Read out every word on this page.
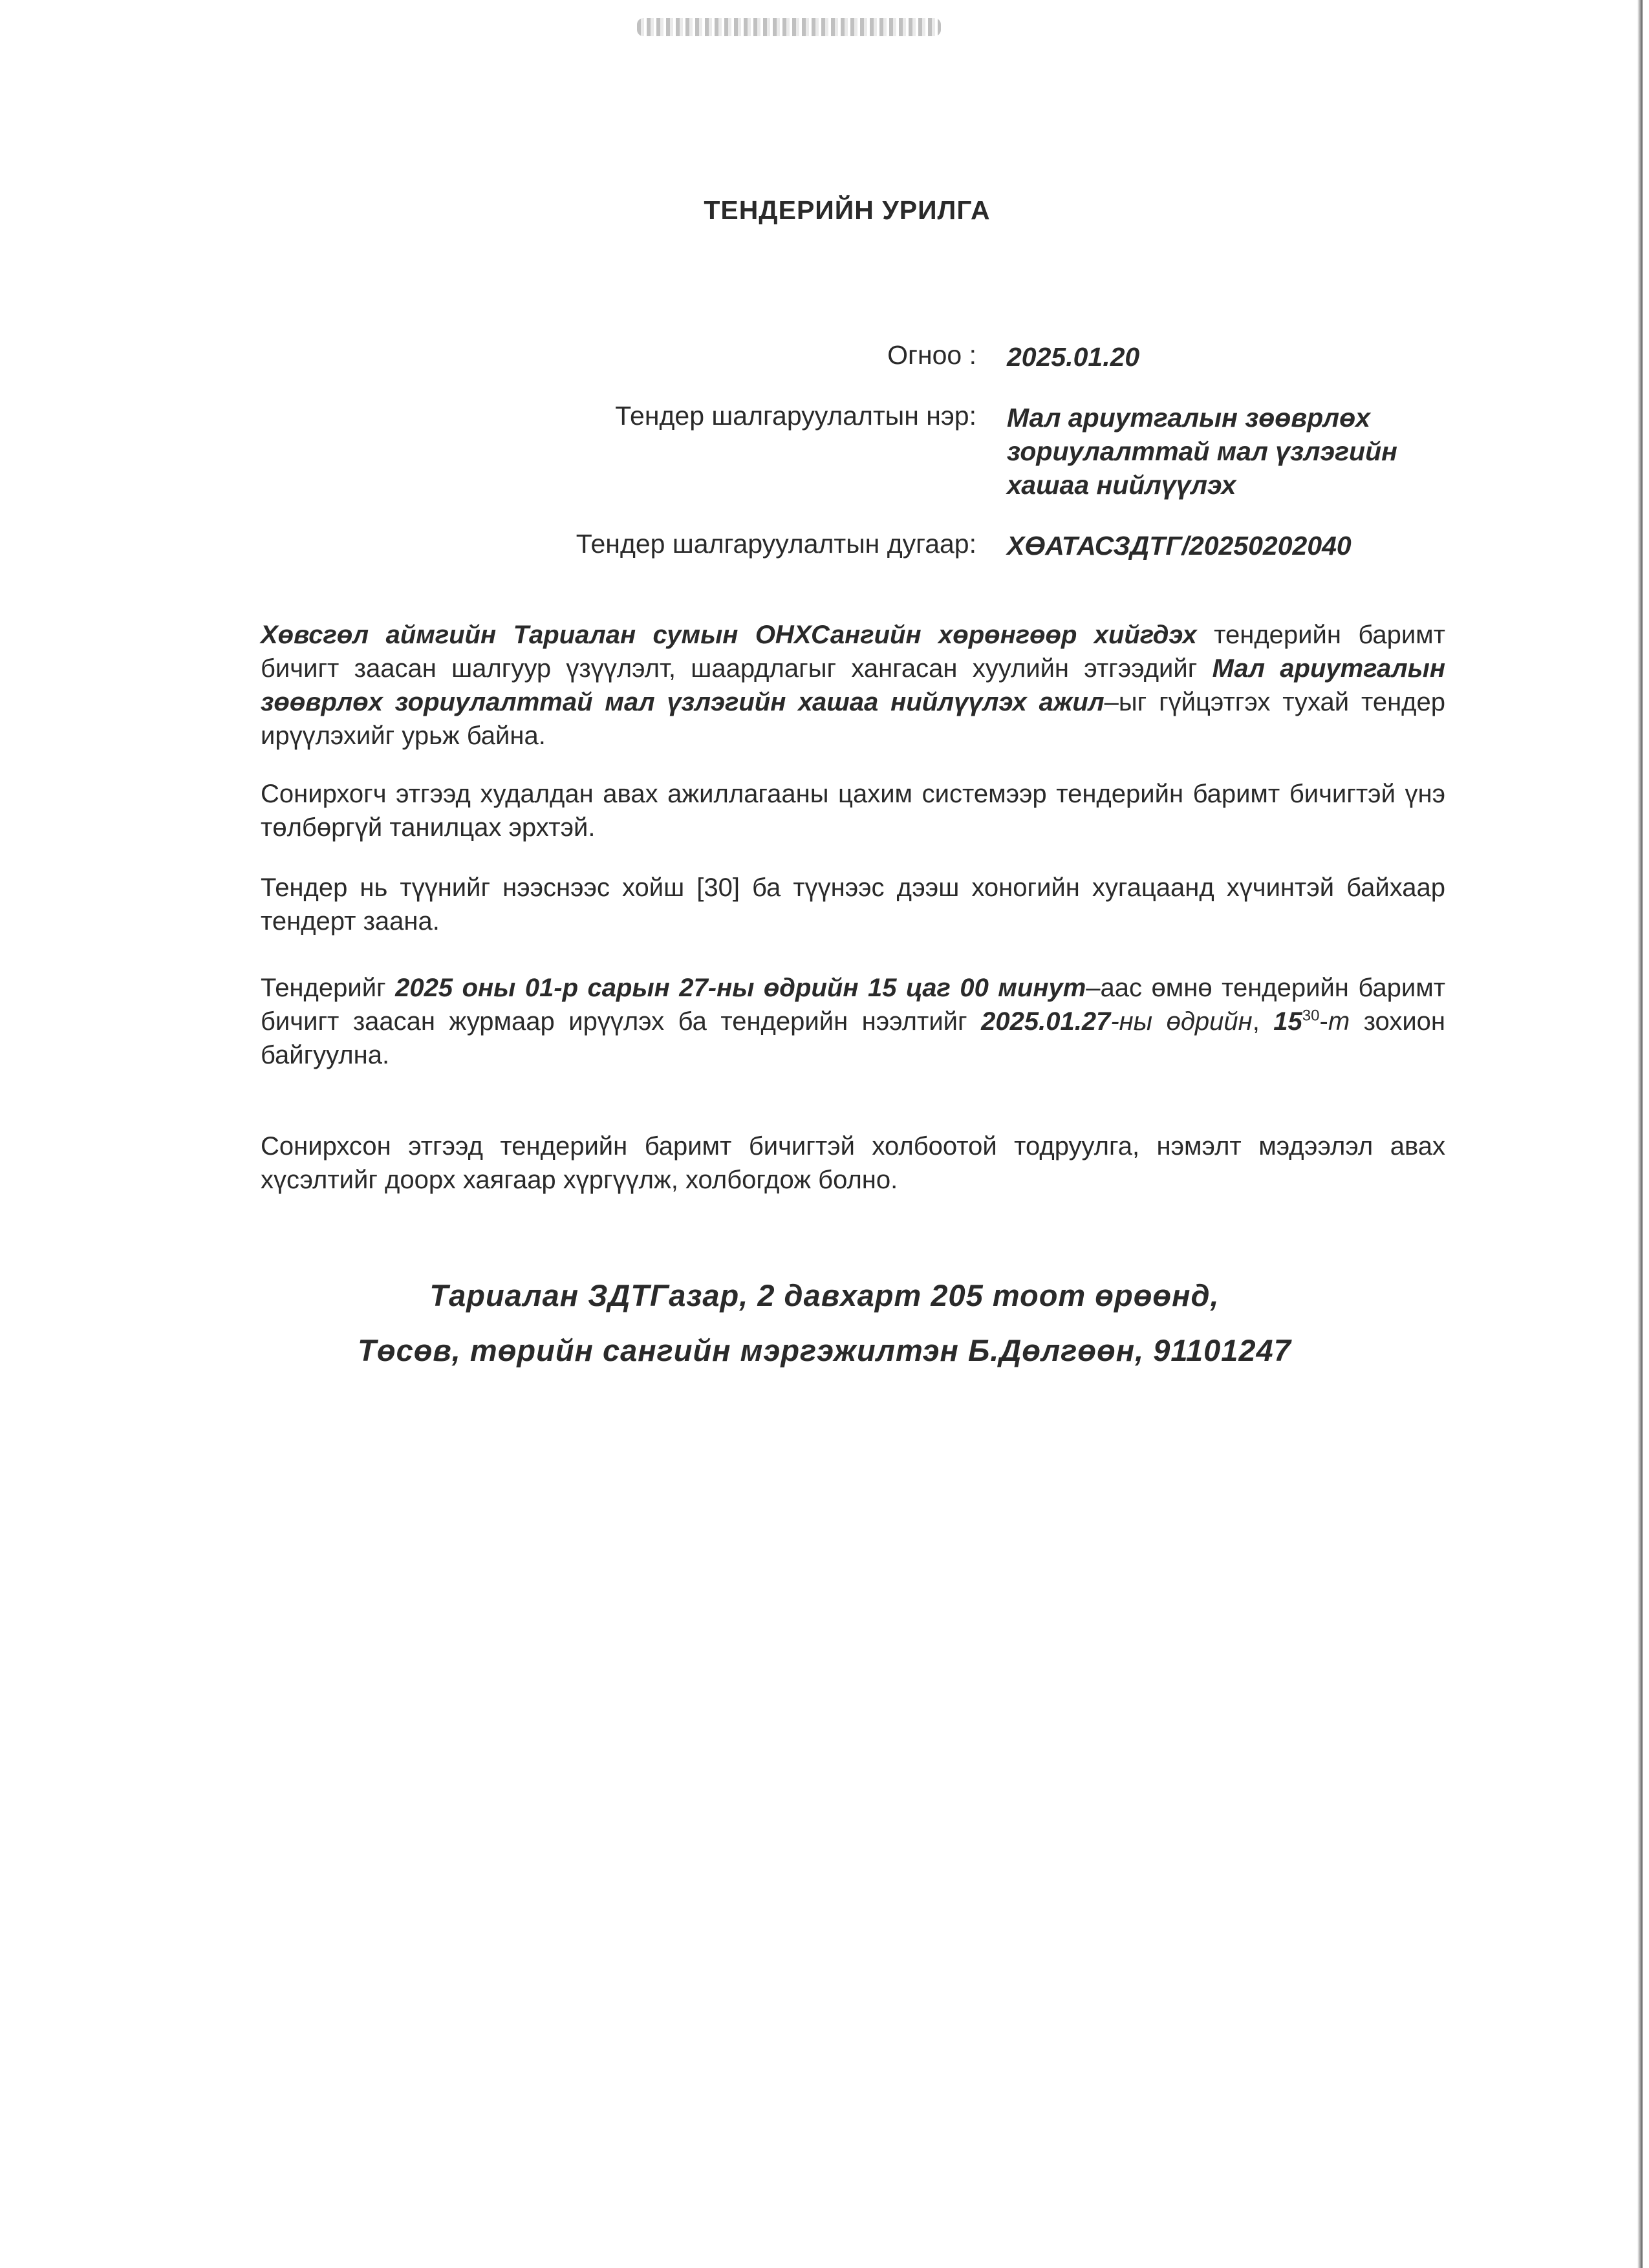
ТЕНДЕРИЙН УРИЛГА
Огноо : 2025.01.20
Тендер шалгаруулалтын нэр: Мал ариутгалын зөөврлөх зориулалттай мал үзлэгийн хашаа нийлүүлэх
Тендер шалгаруулалтын дугаар: ХӨАТАСЗДТГ/20250202040
Хөвсгөл аймгийн Тариалан сумын ОНХСангийн хөрөнгөөр хийгдэх тендерийн баримт бичигт заасан шалгуур үзүүлэлт, шаардлагыг хангасан хуулийн этгээдийг Мал ариутгалын зөөврлөх зориулалттай мал үзлэгийн хашаа нийлүүлэх ажил–ыг гүйцэтгэх тухай тендер ирүүлэхийг урьж байна.
Сонирхогч этгээд худалдан авах ажиллагааны цахим системээр тендерийн баримт бичигтэй үнэ төлбөргүй танилцах эрхтэй.
Тендер нь түүнийг нээснээс хойш [30] ба түүнээс дээш хоногийн хугацаанд хүчинтэй байхаар тендерт заана.
Тендерийг 2025 оны 01-р сарын 27-ны өдрийн 15 цаг 00 минут–аас өмнө тендерийн баримт бичигт заасан журмаар ирүүлэх ба тендерийн нээлтийг 2025.01.27-ны өдрийн, $15^{30}-т$ зохион байгуулна.
Сонирхсон этгээд тендерийн баримт бичигтэй холбоотой тодруулга, нэмэлт мэдээлэл авах хүсэлтийг доорх хаягаар хүргүүлж, холбогдож болно.
Тариалан ЗДТГазар, 2 давхарт 205 тоот өрөөнд,
Төсөв, төрийн сангийн мэргэжилтэн Б.Дөлгөөн, 91101247
